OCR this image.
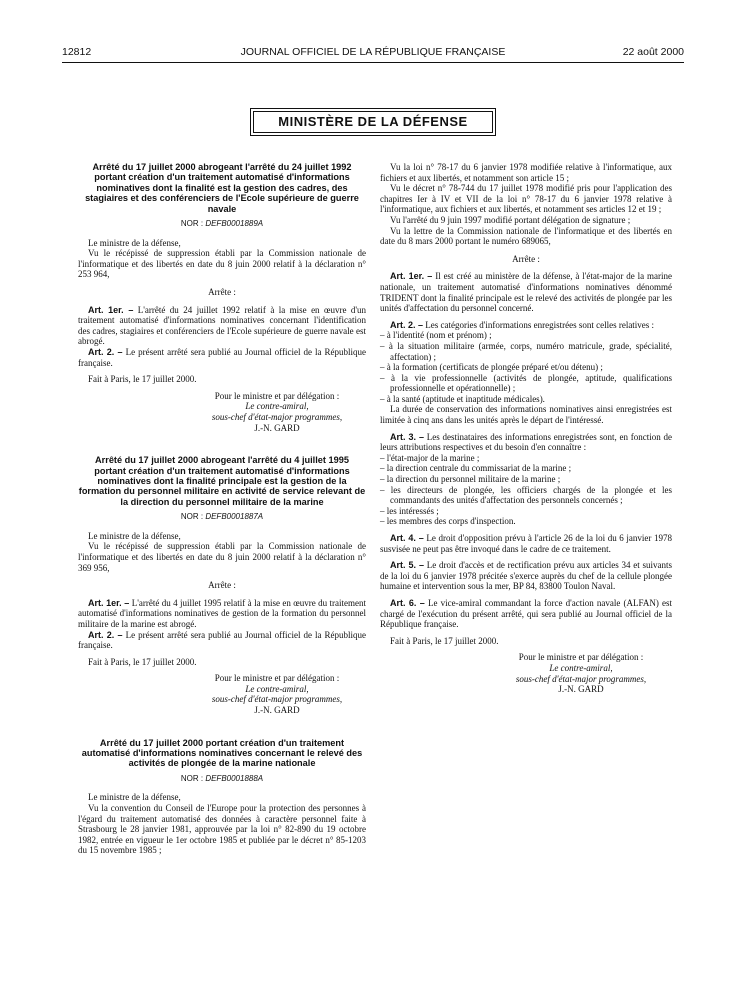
12812	JOURNAL OFFICIEL DE LA RÉPUBLIQUE FRANÇAISE	22 août 2000
MINISTÈRE DE LA DÉFENSE
Arrêté du 17 juillet 2000 abrogeant l'arrêté du 24 juillet 1992 portant création d'un traitement automatisé d'informations nominatives dont la finalité est la gestion des cadres, des stagiaires et des conférenciers de l'Ecole supérieure de guerre navale
NOR : DEFB0001889A

Le ministre de la défense,

Vu le récépissé de suppression établi par la Commission nationale de l'informatique et des libertés en date du 8 juin 2000 relatif à la déclaration n° 253 964,

Arrête :

Art. 1er. – L'arrêté du 24 juillet 1992 relatif à la mise en œuvre d'un traitement automatisé d'informations nominatives concernant l'identification des cadres, stagiaires et conférenciers de l'Ecole supérieure de guerre navale est abrogé.

Art. 2. – Le présent arrêté sera publié au Journal officiel de la République française.

Fait à Paris, le 17 juillet 2000.

Pour le ministre et par délégation :
Le contre-amiral,
sous-chef d'état-major programmes,
J.-N. GARD
Arrêté du 17 juillet 2000 abrogeant l'arrêté du 4 juillet 1995 portant création d'un traitement automatisé d'informations nominatives dont la finalité principale est la gestion de la formation du personnel militaire en activité de service relevant de la direction du personnel militaire de la marine
NOR : DEFB0001887A

Le ministre de la défense,

Vu le récépissé de suppression établi par la Commission nationale de l'informatique et des libertés en date du 8 juin 2000 relatif à la déclaration n° 369 956,

Arrête :

Art. 1er. – L'arrêté du 4 juillet 1995 relatif à la mise en œuvre du traitement automatisé d'informations nominatives de gestion de la formation du personnel militaire de la marine est abrogé.

Art. 2. – Le présent arrêté sera publié au Journal officiel de la République française.

Fait à Paris, le 17 juillet 2000.

Pour le ministre et par délégation :
Le contre-amiral,
sous-chef d'état-major programmes,
J.-N. GARD
Arrêté du 17 juillet 2000 portant création d'un traitement automatisé d'informations nominatives concernant le relevé des activités de plongée de la marine nationale
NOR : DEFB0001888A

Le ministre de la défense,

Vu la convention du Conseil de l'Europe pour la protection des personnes à l'égard du traitement automatisé des données à caractère personnel faite à Strasbourg le 28 janvier 1981, approuvée par la loi n° 82-890 du 19 octobre 1982, entrée en vigueur le 1er octobre 1985 et publiée par le décret n° 85-1203 du 15 novembre 1985 ;

Vu la loi n° 78-17 du 6 janvier 1978 modifiée relative à l'informatique, aux fichiers et aux libertés, et notamment son article 15 ;

Vu le décret n° 78-744 du 17 juillet 1978 modifié pris pour l'application des chapitres Ier à IV et VII de la loi n° 78-17 du 6 janvier 1978 relative à l'informatique, aux fichiers et aux libertés, et notamment ses articles 12 et 19 ;

Vu l'arrêté du 9 juin 1997 modifié portant délégation de signature ;

Vu la lettre de la Commission nationale de l'informatique et des libertés en date du 8 mars 2000 portant le numéro 689065,

Arrête :

Art. 1er. – Il est créé au ministère de la défense, à l'état-major de la marine nationale, un traitement automatisé d'informations nominatives dénommé TRIDENT dont la finalité principale est le relevé des activités de plongée par les unités d'affectation du personnel concerné.

Art. 2. – Les catégories d'informations enregistrées sont celles relatives :

– à l'identité (nom et prénom) ;
– à la situation militaire (armée, corps, numéro matricule, grade, spécialité, affectation) ;
– à la formation (certificats de plongée préparé et/ou détenu) ;
– à la vie professionnelle (activités de plongée, aptitude, qualifications professionnelle et opérationnelle) ;
– à la santé (aptitude et inaptitude médicales).

La durée de conservation des informations nominatives ainsi enregistrées est limitée à cinq ans dans les unités après le départ de l'intéressé.

Art. 3. – Les destinataires des informations enregistrées sont, en fonction de leurs attributions respectives et du besoin d'en connaître :

– l'état-major de la marine ;
– la direction centrale du commissariat de la marine ;
– la direction du personnel militaire de la marine ;
– les directeurs de plongée, les officiers chargés de la plongée et les commandants des unités d'affectation des personnels concernés ;
– les intéressés ;
– les membres des corps d'inspection.

Art. 4. – Le droit d'opposition prévu à l'article 26 de la loi du 6 janvier 1978 susvisée ne peut pas être invoqué dans le cadre de ce traitement.

Art. 5. – Le droit d'accès et de rectification prévu aux articles 34 et suivants de la loi du 6 janvier 1978 précitée s'exerce auprès du chef de la cellule plongée humaine et intervention sous la mer, BP 84, 83800 Toulon Naval.

Art. 6. – Le vice-amiral commandant la force d'action navale (ALFAN) est chargé de l'exécution du présent arrêté, qui sera publié au Journal officiel de la République française.

Fait à Paris, le 17 juillet 2000.

Pour le ministre et par délégation :
Le contre-amiral,
sous-chef d'état-major programmes,
J.-N. GARD
